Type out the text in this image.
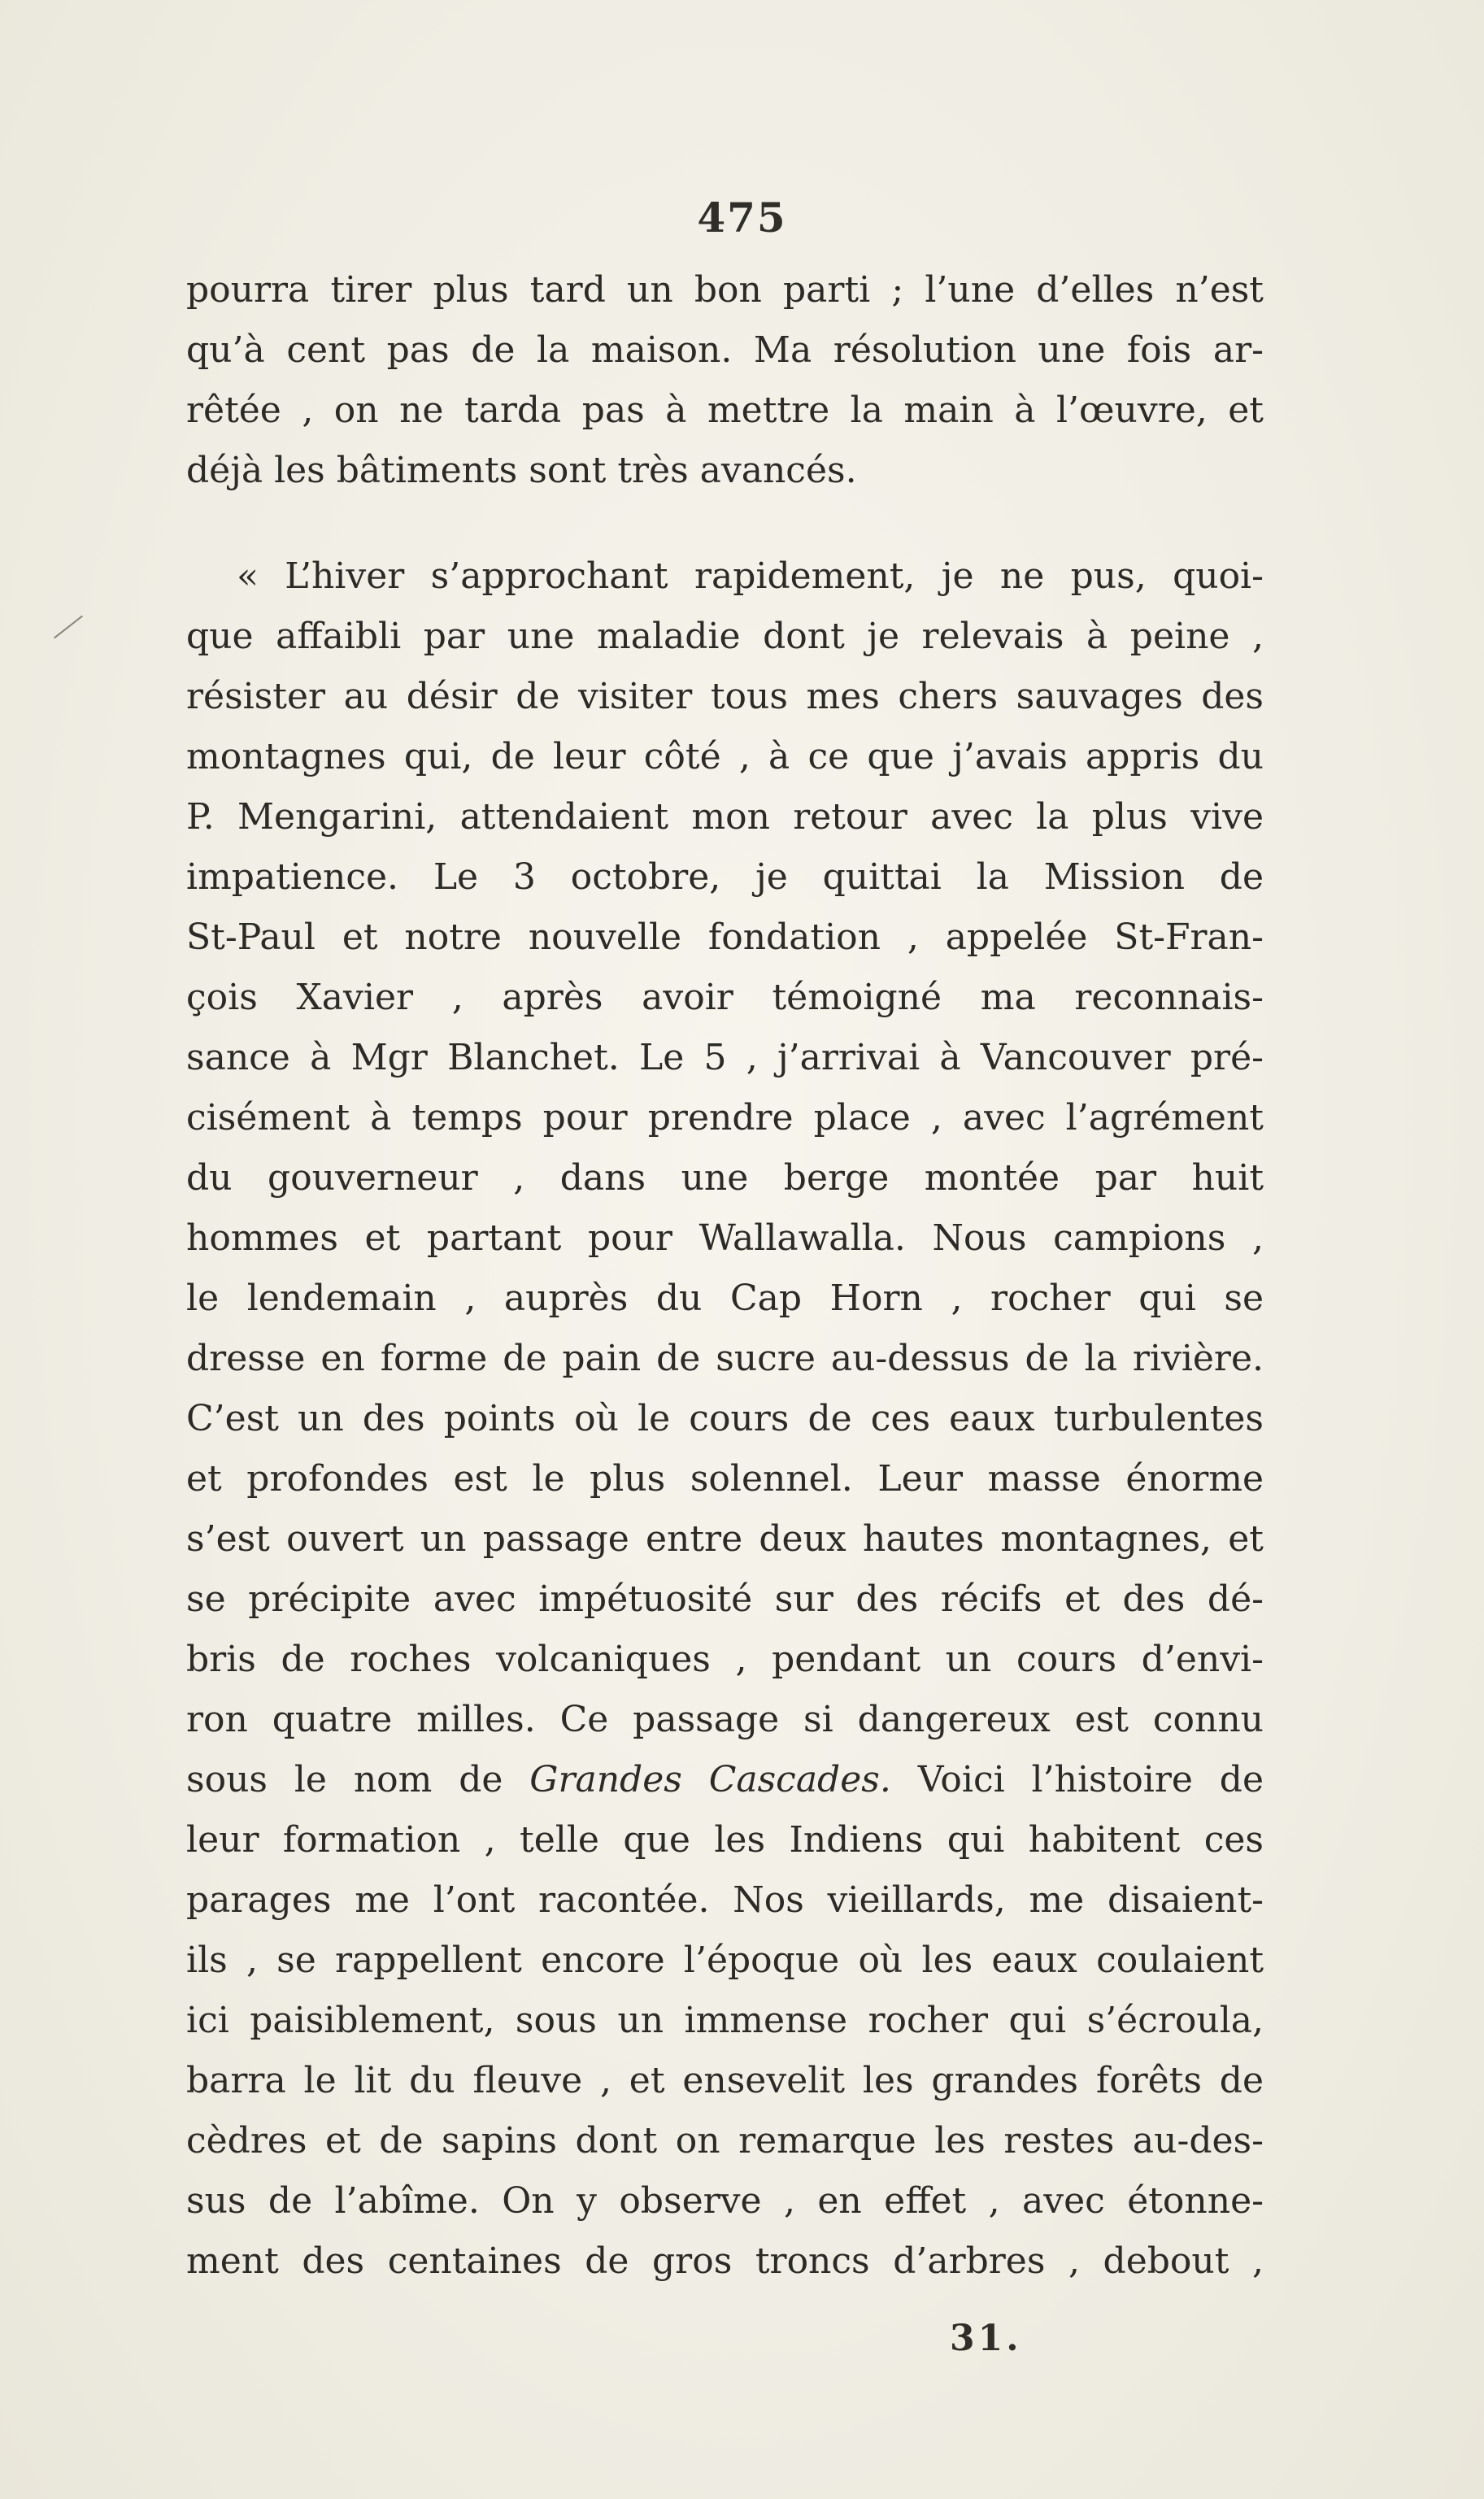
475
pourra tirer plus tard un bon parti ; l’une d’elles n’est
qu’à cent pas de la maison. Ma résolution une fois ar-
rêtée , on ne tarda pas à mettre la main à l’œuvre, et
déjà les bâtiments sont très avancés.
« L’hiver s’approchant rapidement, je ne pus, quoi-
que affaibli par une maladie dont je relevais à peine ,
résister au désir de visiter tous mes chers sauvages des
montagnes qui, de leur côté , à ce que j’avais appris du
P. Mengarini, attendaient mon retour avec la plus vive
impatience. Le 3 octobre, je quittai la Mission de
St-Paul et notre nouvelle fondation , appelée St-Fran-
çois Xavier , après avoir témoigné ma reconnais-
sance à Mgr Blanchet. Le 5 , j’arrivai à Vancouver pré-
cisément à temps pour prendre place , avec l’agrément
du gouverneur , dans une berge montée par huit
hommes et partant pour Wallawalla. Nous campions ,
le lendemain , auprès du Cap Horn , rocher qui se
dresse en forme de pain de sucre au-dessus de la rivière.
C’est un des points où le cours de ces eaux turbulentes
et profondes est le plus solennel. Leur masse énorme
s’est ouvert un passage entre deux hautes montagnes, et
se précipite avec impétuosité sur des récifs et des dé-
bris de roches volcaniques , pendant un cours d’envi-
ron quatre milles. Ce passage si dangereux est connu
sous le nom de Grandes Cascades. Voici l’histoire de
leur formation , telle que les Indiens qui habitent ces
parages me l’ont racontée. Nos vieillards, me disaient-
ils , se rappellent encore l’époque où les eaux coulaient
ici paisiblement, sous un immense rocher qui s’écroula,
barra le lit du fleuve , et ensevelit les grandes forêts de
cèdres et de sapins dont on remarque les restes au-des-
sus de l’abîme. On y observe , en effet , avec étonne-
ment des centaines de gros troncs d’arbres , debout ,
31.
